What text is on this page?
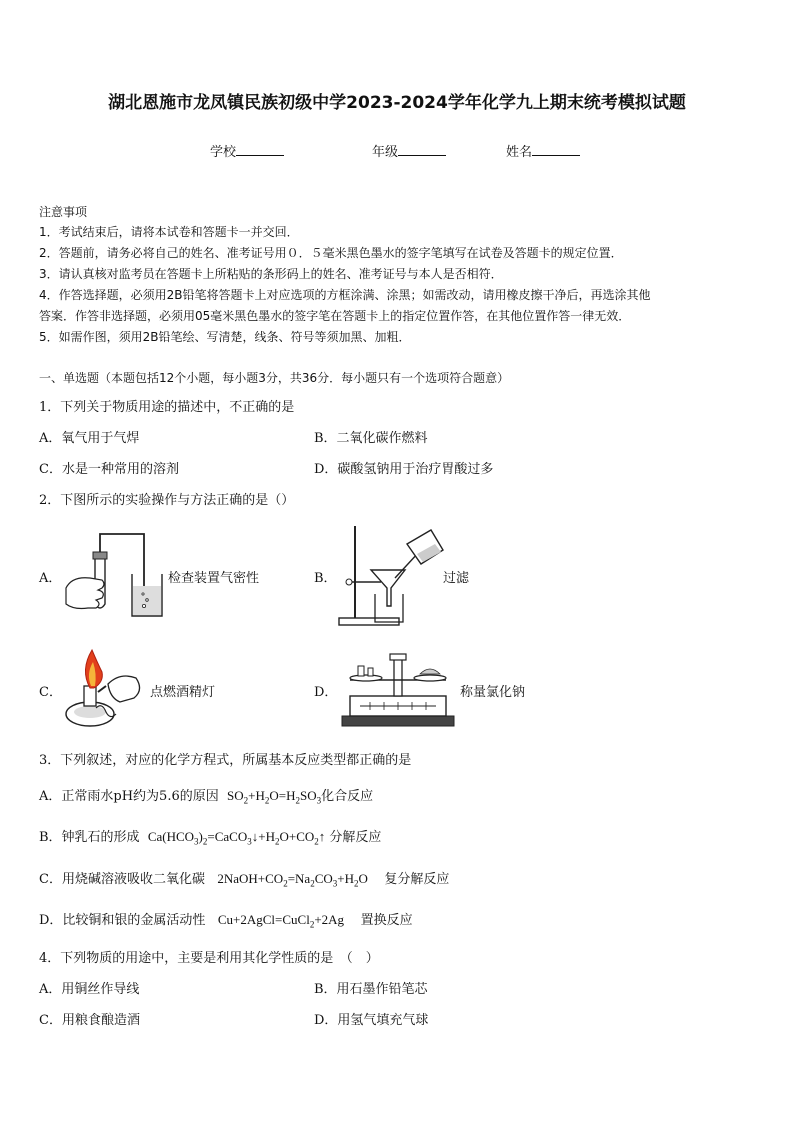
湖北恩施市龙凤镇民族初级中学2023-2024学年化学九上期末统考模拟试题
学校	年级	姓名
注意事项
1．考试结束后，请将本试卷和答题卡一并交回．
2．答题前，请务必将自己的姓名、准考证号用０．５毫米黑色墨水的签字笔填写在试卷及答题卡的规定位置．
3．请认真核对监考员在答题卡上所粘贴的条形码上的姓名、准考证号与本人是否相符．
4．作答选择题，必须用2B铅笔将答题卡上对应选项的方框涂满、涂黑；如需改动，请用橡皮擦干净后，再选涂其他
答案．作答非选择题，必须用05毫米黑色墨水的签字笔在答题卡上的指定位置作答，在其他位置作答一律无效．
5．如需作图，须用2B铅笔绘、写清楚，线条、符号等须加黑、加粗．
一、单选题（本题包括12个小题，每小题3分，共36分．每小题只有一个选项符合题意）
1．下列关于物质用途的描述中，不正确的是
A．氧气用于气焊	B．二氧化碳作燃料
C．水是一种常用的溶剂	D．碳酸氢钠用于治疗胃酸过多
2．下图所示的实验操作与方法正确的是（）
A．	检查装置气密性	B．	过滤
C．	点燃酒精灯	D．	称量氯化钠
3．下列叙述，对应的化学方程式，所属基本反应类型都正确的是
A．正常雨水pH约为5.6的原因 $SO_2+H_2O=H_2SO_3$化合反应
B．钟乳石的形成 $Ca(HCO_3)_2=CaCO_3↓+H_2O+CO_2↑$ 分解反应
C．用烧碱溶液吸收二氧化碳 $2NaOH+CO_2=Na_2CO_3+H_2O$ 复分解反应
D．比较铜和银的金属活动性 Cu+2AgCl=CuCl$_2$+2Ag 置换反应
4．下列物质的用途中，主要是利用其化学性质的是　（　）
A．用铜丝作导线	B．用石墨作铅笔芯
C．用粮食酿造酒	D．用氢气填充气球
